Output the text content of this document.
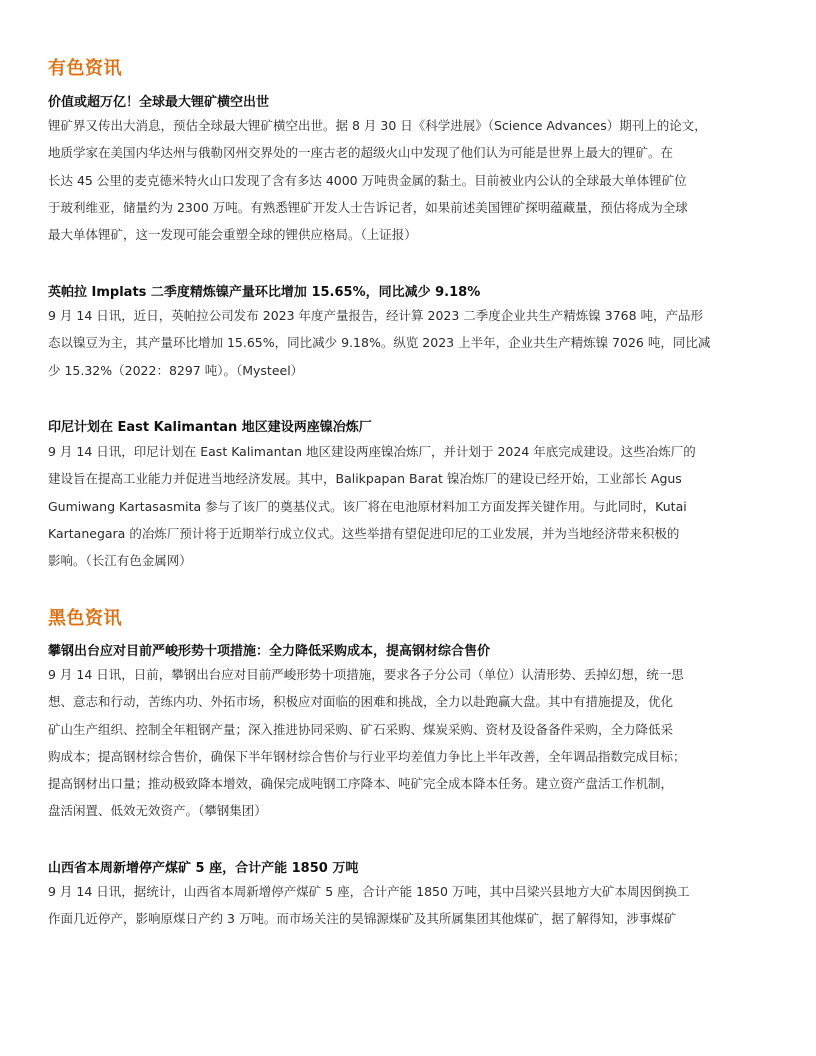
有色资讯
价值或超万亿！全球最大锂矿横空出世
锂矿界又传出大消息，预估全球最大锂矿横空出世。据 8 月 30 日《科学进展》（Science Advances）期刊上的论文，
地质学家在美国内华达州与俄勒冈州交界处的一座古老的超级火山中发现了他们认为可能是世界上最大的锂矿。在
长达 45 公里的麦克德米特火山口发现了含有多达 4000 万吨贵金属的黏土。目前被业内公认的全球最大单体锂矿位
于玻利维亚，储量约为 2300 万吨。有熟悉锂矿开发人士告诉记者，如果前述美国锂矿探明蕴藏量，预估将成为全球
最大单体锂矿，这一发现可能会重塑全球的锂供应格局。（上证报）
英帕拉 Implats 二季度精炼镍产量环比增加 15.65%，同比减少 9.18%
9 月 14 日讯，近日，英帕拉公司发布 2023 年度产量报告，经计算 2023 二季度企业共生产精炼镍 3768 吨，产品形
态以镍豆为主，其产量环比增加 15.65%，同比减少 9.18%。纵览 2023 上半年，企业共生产精炼镍 7026 吨，同比减
少 15.32%（2022：8297 吨）。（Mysteel）
印尼计划在 East Kalimantan 地区建设两座镍冶炼厂
9 月 14 日讯，印尼计划在 East Kalimantan 地区建设两座镍冶炼厂，并计划于 2024 年底完成建设。这些冶炼厂的
建设旨在提高工业能力并促进当地经济发展。其中，Balikpapan Barat 镍冶炼厂的建设已经开始，工业部长 Agus
Gumiwang Kartasasmita 参与了该厂的奠基仪式。该厂将在电池原材料加工方面发挥关键作用。与此同时，Kutai
Kartanegara 的冶炼厂预计将于近期举行成立仪式。这些举措有望促进印尼的工业发展，并为当地经济带来积极的
影响。（长江有色金属网）
黑色资讯
攀钢出台应对目前严峻形势十项措施：全力降低采购成本，提高钢材综合售价
9 月 14 日讯，日前，攀钢出台应对目前严峻形势十项措施，要求各子分公司（单位）认清形势、丢掉幻想，统一思
想、意志和行动，苦练内功、外拓市场，积极应对面临的困难和挑战，全力以赴跑赢大盘。其中有措施提及，优化
矿山生产组织、控制全年粗钢产量；深入推进协同采购、矿石采购、煤炭采购、资材及设备备件采购，全力降低采
购成本；提高钢材综合售价，确保下半年钢材综合售价与行业平均差值力争比上半年改善，全年调品指数完成目标；
提高钢材出口量；推动极致降本增效，确保完成吨钢工序降本、吨矿完全成本降本任务。建立资产盘活工作机制，
盘活闲置、低效无效资产。（攀钢集团）
山西省本周新增停产煤矿 5 座，合计产能 1850 万吨
9 月 14 日讯，据统计，山西省本周新增停产煤矿 5 座，合计产能 1850 万吨，其中吕梁兴县地方大矿本周因倒换工
作面几近停产，影响原煤日产约 3 万吨。而市场关注的昊锦源煤矿及其所属集团其他煤矿，据了解得知，涉事煤矿
